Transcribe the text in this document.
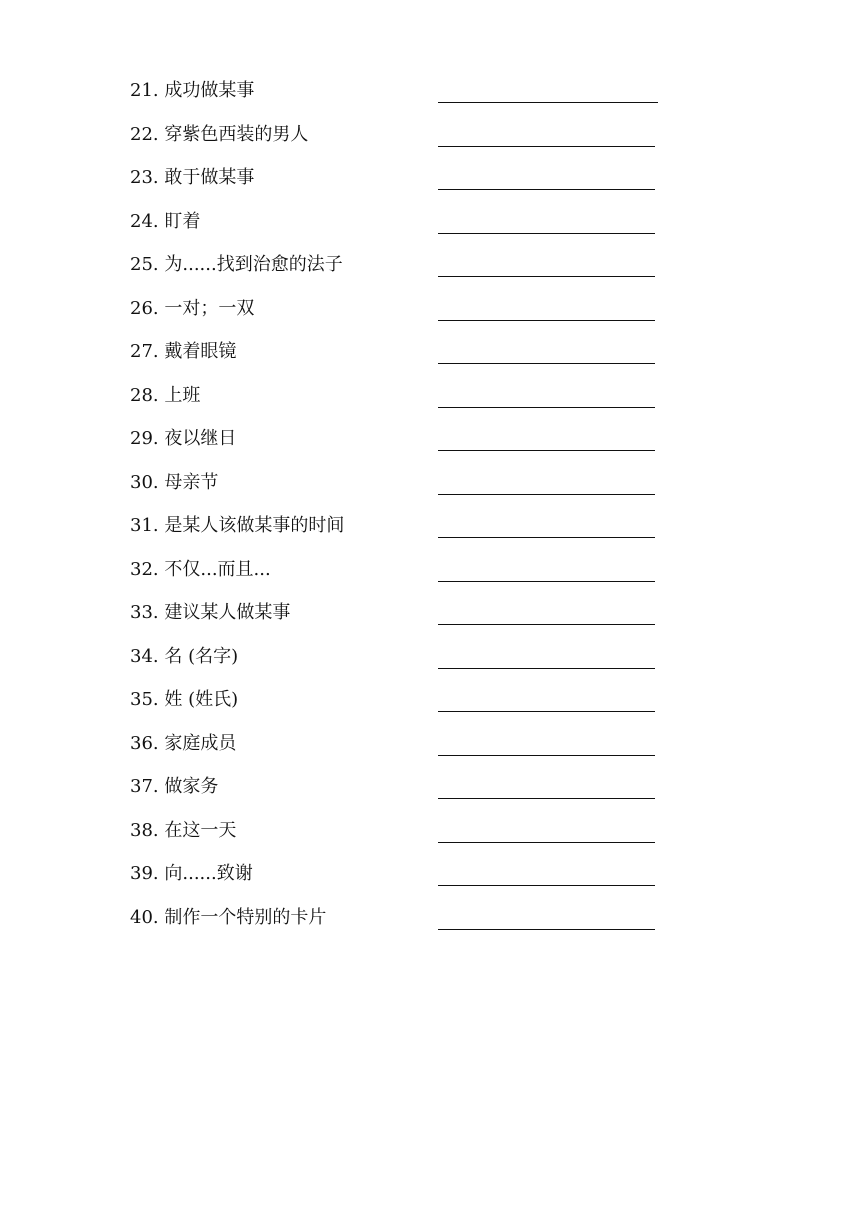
21. 成功做某事
22. 穿紫色西装的男人
23. 敢于做某事
24. 盯着
25. 为......找到治愈的法子
26. 一对；一双
27. 戴着眼镜
28. 上班
29. 夜以继日
30. 母亲节
31. 是某人该做某事的时间
32. 不仅...而且...
33. 建议某人做某事
34. 名 (名字)
35. 姓 (姓氏)
36. 家庭成员
37. 做家务
38. 在这一天
39. 向......致谢
40. 制作一个特别的卡片
